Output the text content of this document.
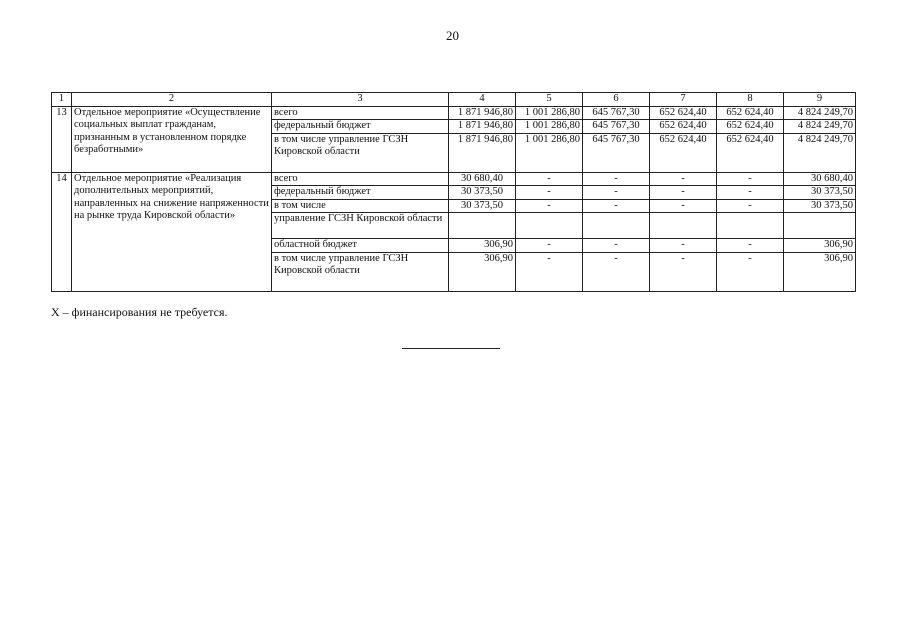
20
1	2	3	4	5	6	7	8	9
13	Отдельное мероприятие «Осуществление социальных выплат гражданам, признанным в установленном порядке безработными»	всего	1 871 946,80	1 001 286,80	645 767,30	652 624,40	652 624,40	4 824 249,70
		федеральный бюджет	1 871 946,80	1 001 286,80	645 767,30	652 624,40	652 624,40	4 824 249,70
		в том числе управление ГСЗН Кировской области	1 871 946,80	1 001 286,80	645 767,30	652 624,40	652 624,40	4 824 249,70
14	Отдельное мероприятие «Реализация дополнительных мероприятий, направленных на снижение напряженности на рынке труда Кировской области»	всего	30 680,40	-	-	-	-	30 680,40
		федеральный бюджет	30 373,50	-	-	-	-	30 373,50
		в том числе	30 373,50	-	-	-	-	30 373,50
		управление ГСЗН Кировской области						
		областной бюджет	306,90	-	-	-	-	306,90
		в том числе управление ГСЗН Кировской области	306,90	-	-	-	-	306,90
Х – финансирования не требуется.
